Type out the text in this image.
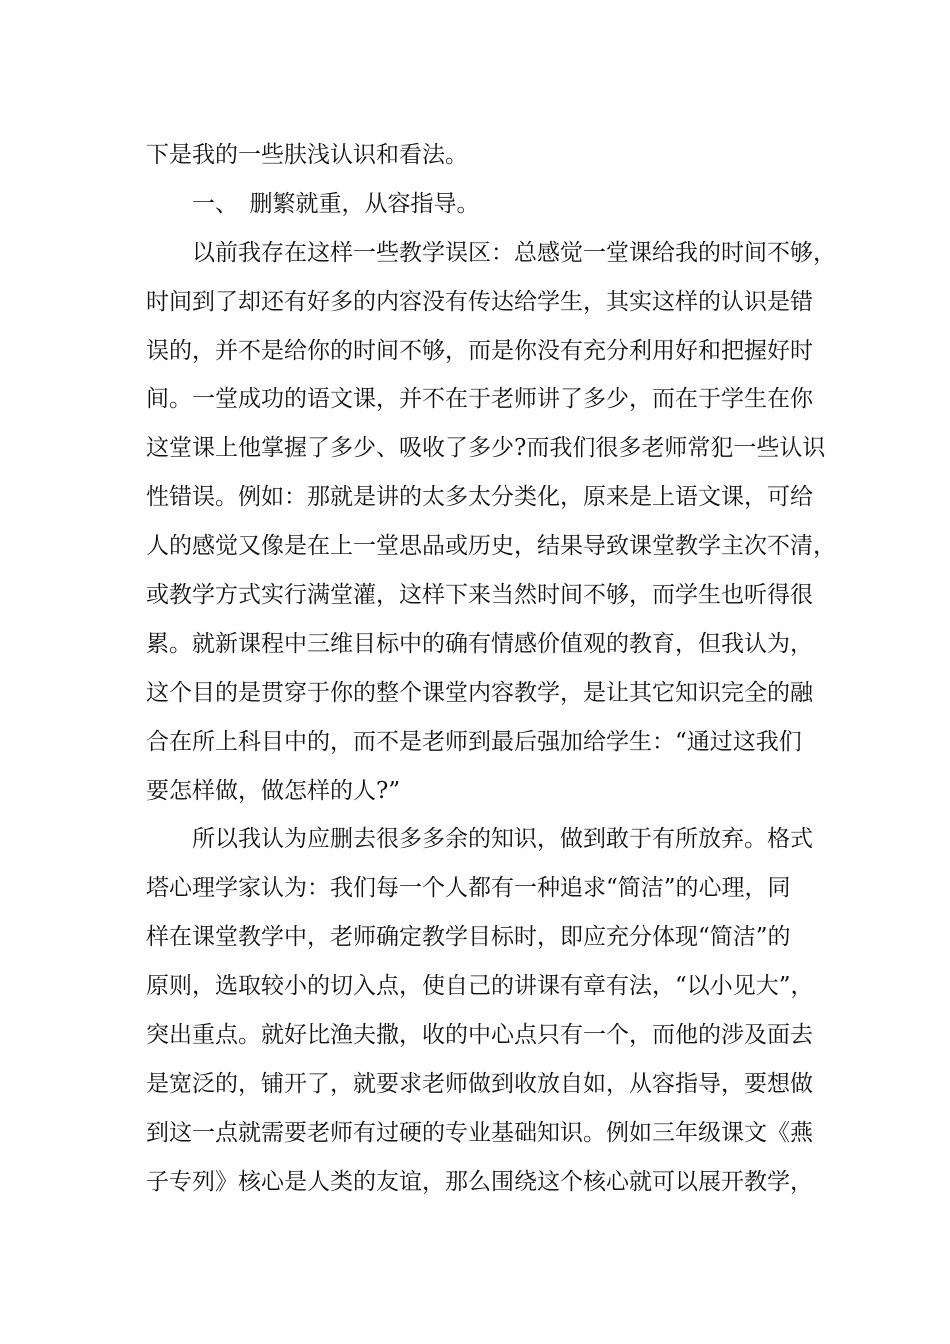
下是我的一些肤浅认识和看法。
一、　删繁就重，从容指导。
以前我存在这样一些教学误区：总感觉一堂课给我的时间不够，
时间到了却还有好多的内容没有传达给学生，其实这样的认识是错
误的，并不是给你的时间不够，而是你没有充分利用好和把握好时
间。一堂成功的语文课，并不在于老师讲了多少，而在于学生在你
这堂课上他掌握了多少、吸收了多少?而我们很多老师常犯一些认识
性错误。例如：那就是讲的太多太分类化，原来是上语文课，可给
人的感觉又像是在上一堂思品或历史，结果导致课堂教学主次不清，
或教学方式实行满堂灌，这样下来当然时间不够，而学生也听得很
累。就新课程中三维目标中的确有情感价值观的教育，但我认为，
这个目的是贯穿于你的整个课堂内容教学，是让其它知识完全的融
合在所上科目中的，而不是老师到最后强加给学生：“通过这我们
要怎样做，做怎样的人?”
所以我认为应删去很多多余的知识，做到敢于有所放弃。格式
塔心理学家认为：我们每一个人都有一种追求“简洁”的心理，同
样在课堂教学中，老师确定教学目标时，即应充分体现“简洁”的
原则，选取较小的切入点，使自己的讲课有章有法，“以小见大”，
突出重点。就好比渔夫撒，收的中心点只有一个，而他的涉及面去
是宽泛的，铺开了，就要求老师做到收放自如，从容指导，要想做
到这一点就需要老师有过硬的专业基础知识。例如三年级课文《燕
子专列》核心是人类的友谊，那么围绕这个核心就可以展开教学，
